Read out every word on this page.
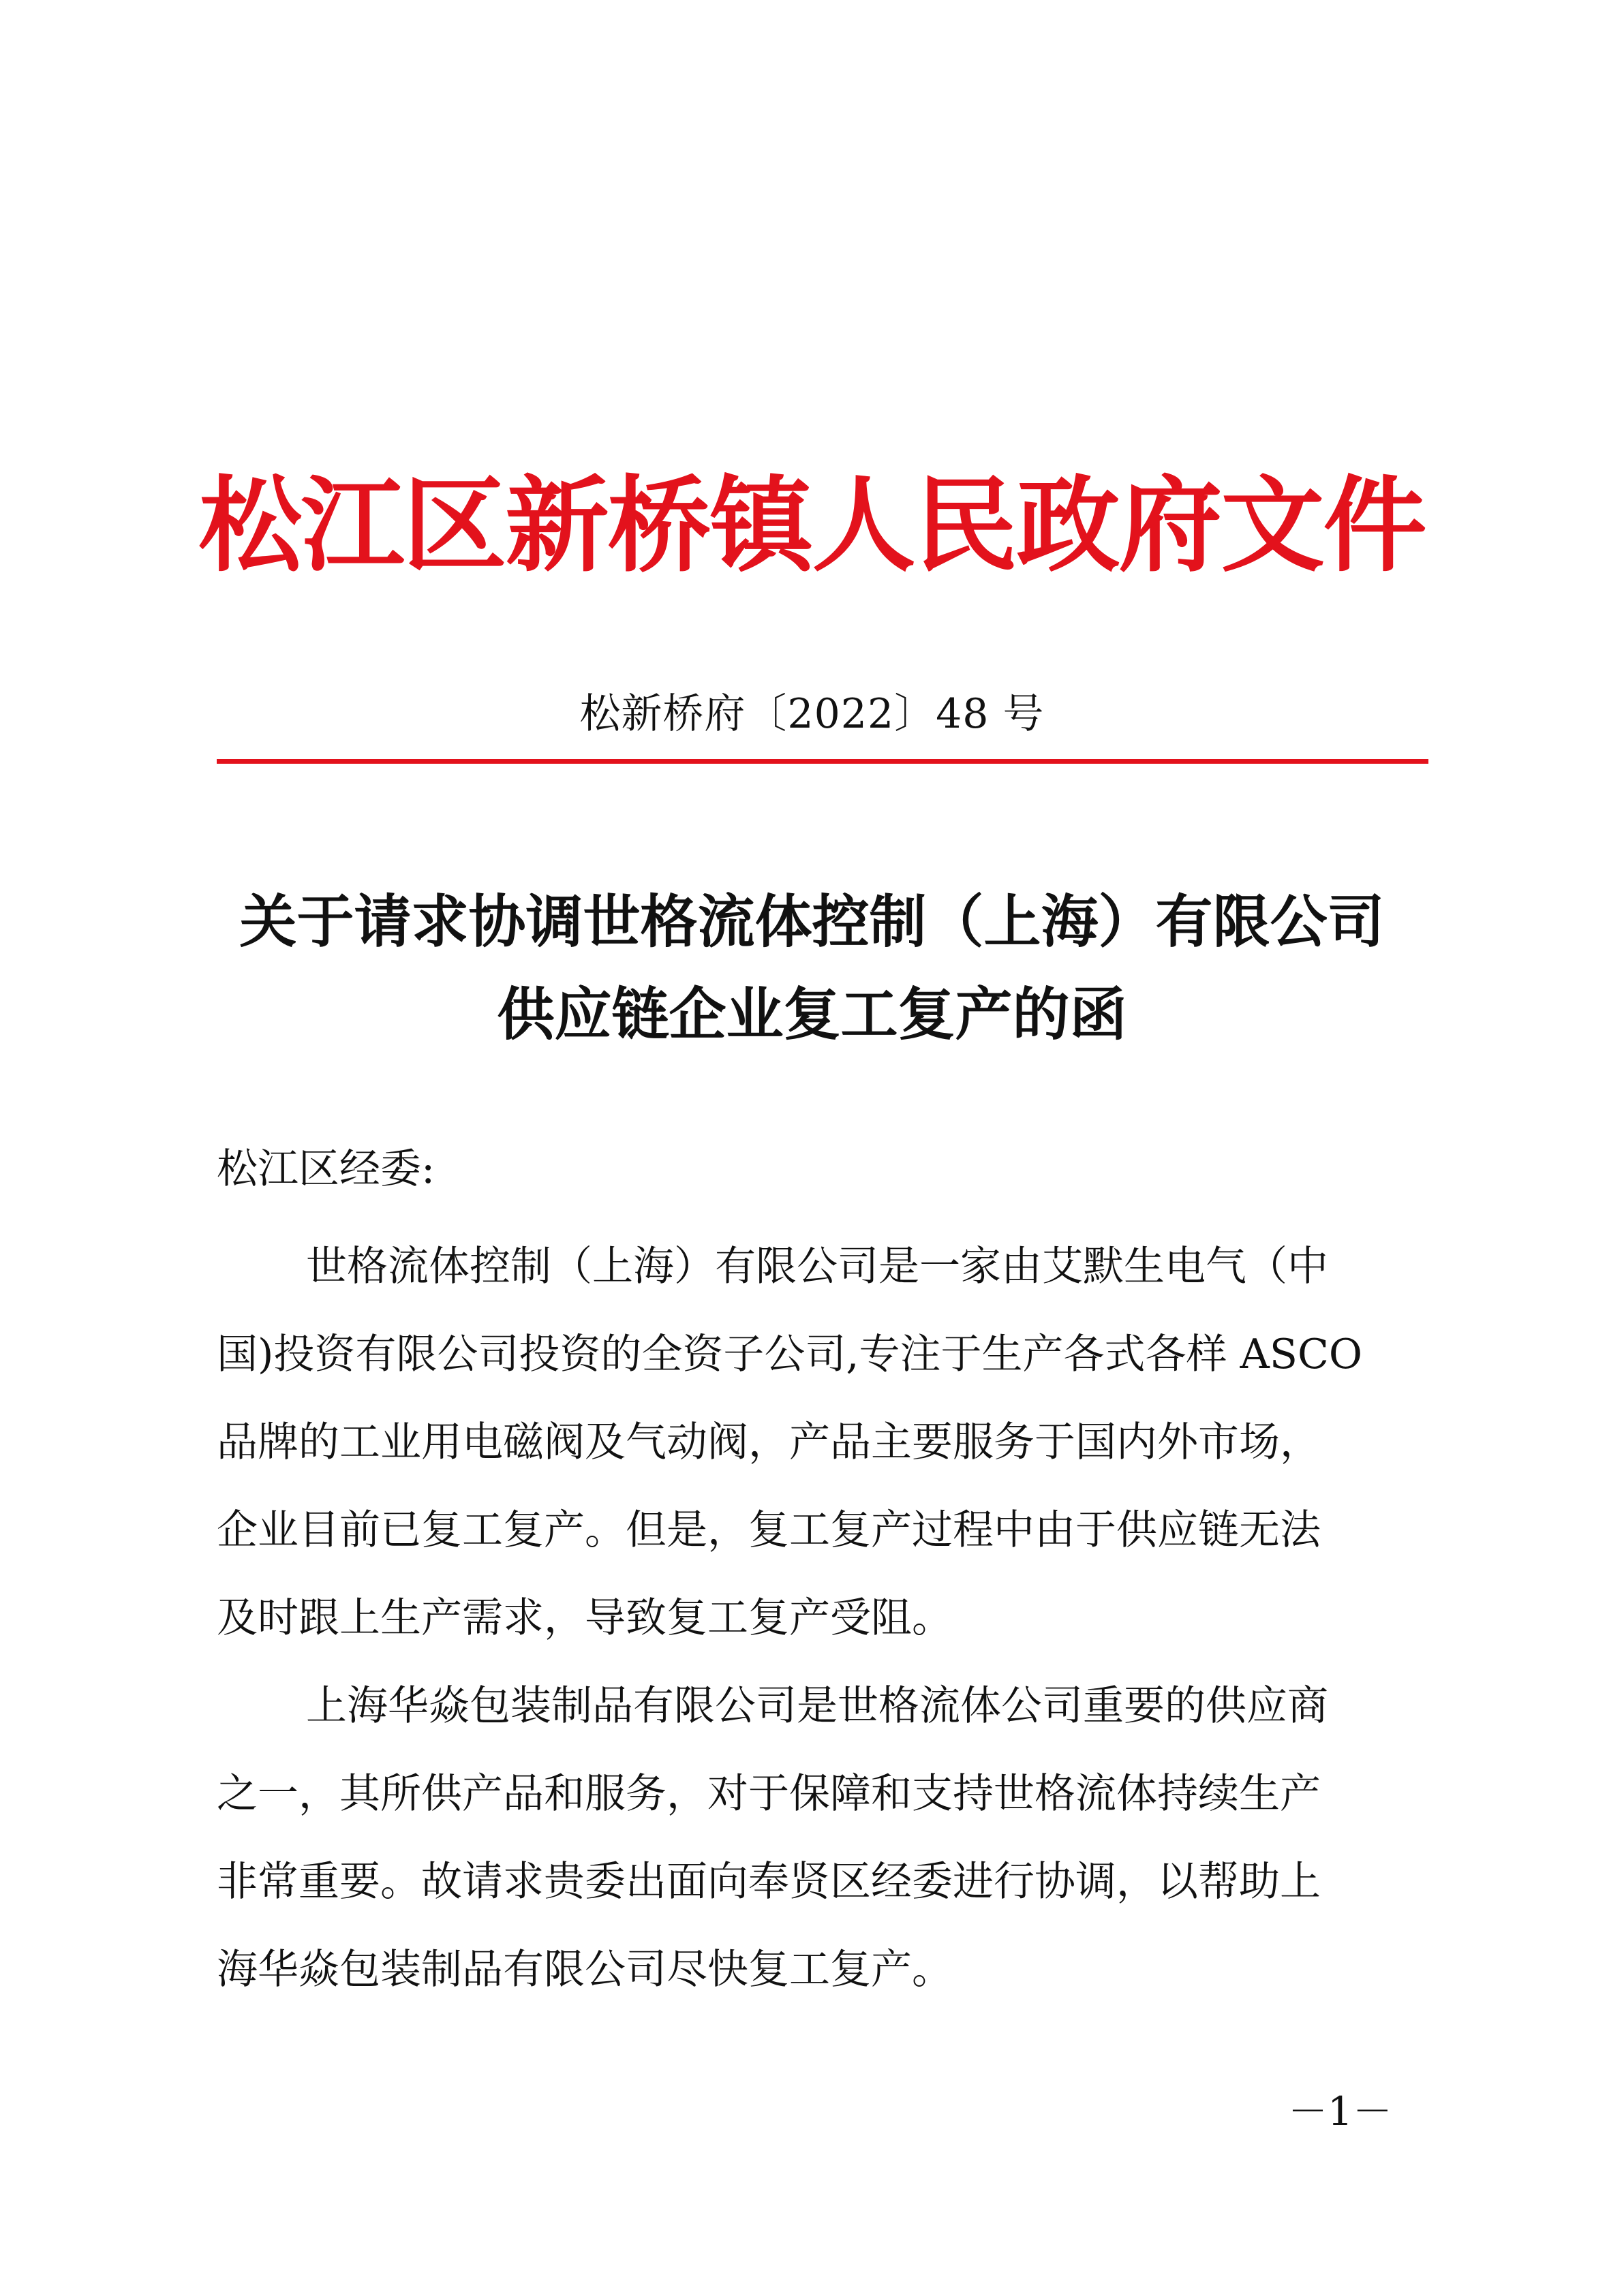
松江区新桥镇人民政府文件
松新桥府〔2022〕48 号
关于请求协调世格流体控制（上海）有限公司
供应链企业复工复产的函
松江区经委:
世格流体控制（上海）有限公司是一家由艾默生电气（中
国)投资有限公司投资的全资子公司,专注于生产各式各样 ASCO
品牌的工业用电磁阀及气动阀，产品主要服务于国内外市场，
企业目前已复工复产。但是，复工复产过程中由于供应链无法
及时跟上生产需求，导致复工复产受阻。
上海华焱包装制品有限公司是世格流体公司重要的供应商
之一，其所供产品和服务，对于保障和支持世格流体持续生产
非常重要。故请求贵委出面向奉贤区经委进行协调，以帮助上
海华焱包装制品有限公司尽快复工复产。
－1－
